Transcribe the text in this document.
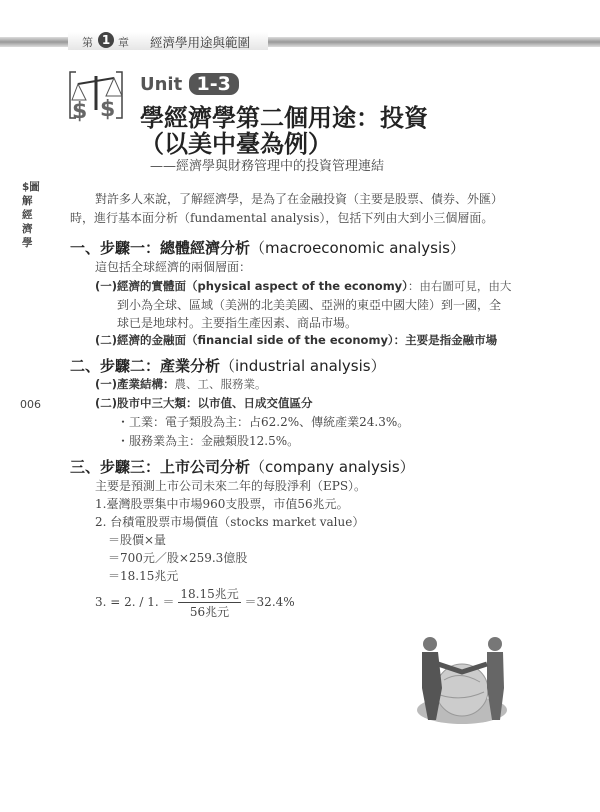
第 1 章 經濟學用途與範圍
$ $
Unit 1-3
學經濟學第二個用途：投資
（以美中臺為例）
——經濟學與財務管理中的投資管理連結
$圖解經濟學
006
對許多人來說，了解經濟學，是為了在金融投資（主要是股票、債券、外匯）
時，進行基本面分析（fundamental analysis），包括下列由大到小三個層面。
一、步驟一：總體經濟分析（macroeconomic analysis）
這包括全球經濟的兩個層面：
(一)經濟的實體面（physical aspect of the economy）：由右圖可見，由大
到小為全球、區域（美洲的北美美國、亞洲的東亞中國大陸）到一國，全
球已是地球村。主要指生產因素、商品市場。
(二)經濟的金融面（financial side of the economy）：主要是指金融市場
二、步驟二：產業分析（industrial analysis）
(一)產業結構：農、工、服務業。
(二)股市中三大類：以市值、日成交值區分
・工業：電子類股為主：占62.2%、傳統產業24.3%。
・服務業為主：金融類股12.5%。
三、步驟三：上市公司分析（company analysis）
主要是預測上市公司未來二年的每股淨利（EPS）。
1.臺灣股票集中市場960支股票，市值56兆元。
2. 台積電股票市場價值（stocks market value）
＝股價×量
＝700元／股×259.3億股
＝18.15兆元
3. = 2. / 1. ＝ $\frac{\text{18.15兆元}}{\text{56兆元}} =32.4\%$
